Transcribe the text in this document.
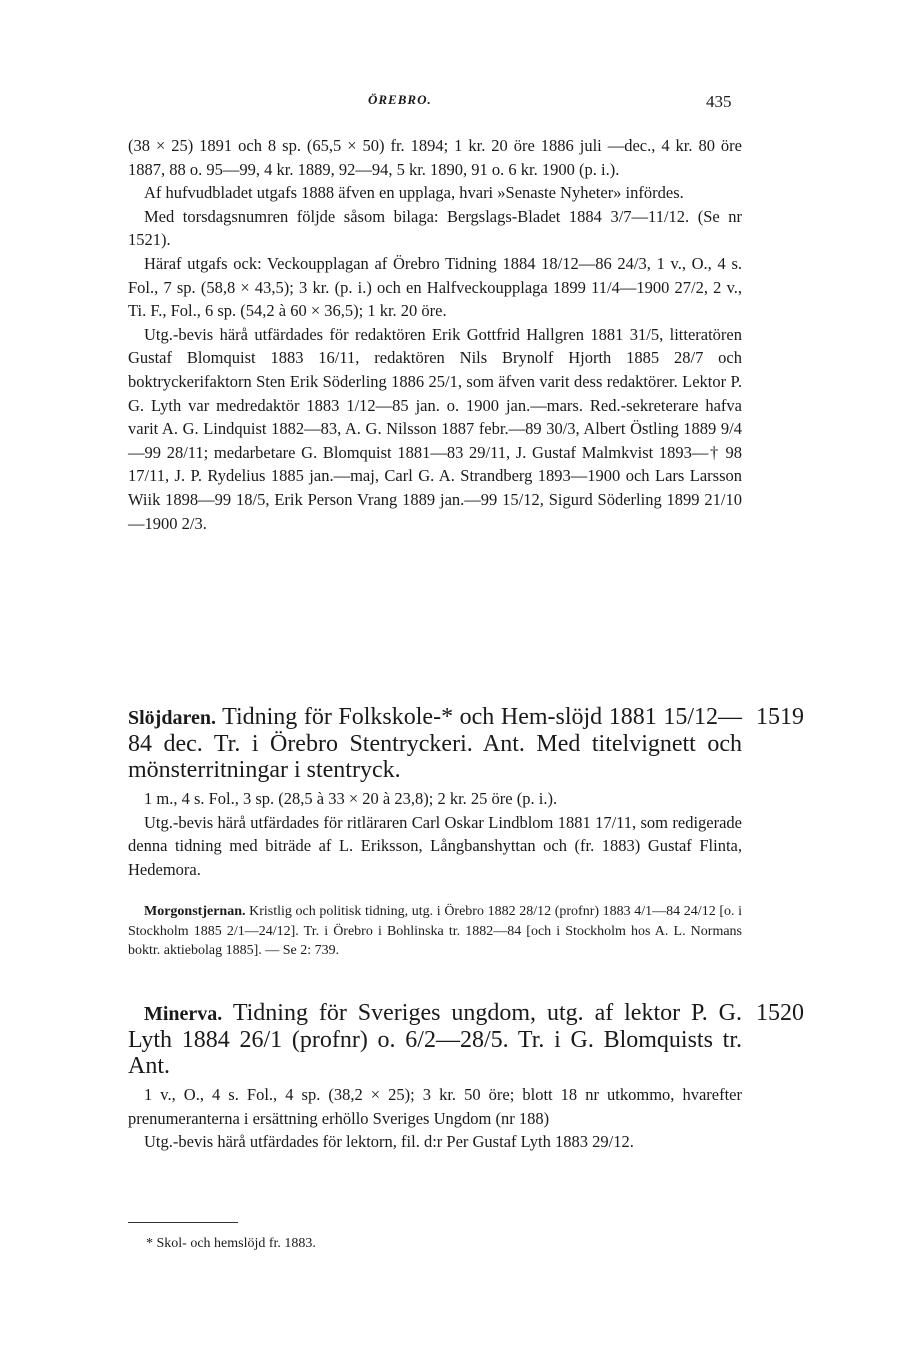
ÖREBRO.	435

(38 × 25) 1891 och 8 sp. (65,5 × 50) fr. 1894; 1 kr. 20 öre 1886 juli —dec., 4 kr. 80 öre 1887, 88 o. 95—99, 4 kr. 1889, 92—94, 5 kr. 1890, 91 o. 6 kr. 1900 (p. i.).

Af hufvudbladet utgafs 1888 äfven en upplaga, hvari »Senaste Nyheter» infördes.

Med torsdagsnumren följde såsom bilaga: Bergslags-Bladet 1884 3/7—11/12. (Se nr 1521).

Häraf utgafs ock: Veckoupplagan af Örebro Tidning 1884 18/12—86 24/3, 1 v., O., 4 s. Fol., 7 sp. (58,8 × 43,5); 3 kr. (p. i.) och en Halfveckoupplaga 1899 11/4—1900 27/2, 2 v., Ti. F., Fol., 6 sp. (54,2 à 60 × 36,5); 1 kr. 20 öre.

Utg.-bevis härå utfärdades för redaktören Erik Gottfrid Hallgren 1881 31/5, litteratören Gustaf Blomquist 1883 16/11, redaktören Nils Brynolf Hjorth 1885 28/7 och boktryckerifaktorn Sten Erik Söderling 1886 25/1, som äfven varit dess redaktörer. Lektor P. G. Lyth var medredaktör 1883 1/12—85 jan. o. 1900 jan.—mars. Red.-sekreterare hafva varit A. G. Lindquist 1882—83, A. G. Nilsson 1887 febr.—89 30/3, Albert Östling 1889 9/4—99 28/11; medarbetare G. Blomquist 1881—83 29/11, J. Gustaf Malmkvist 1893—† 98 17/11, J. P. Rydelius 1885 jan.—maj, Carl G. A. Strandberg 1893—1900 och Lars Larsson Wiik 1898—99 18/5, Erik Person Vrang 1889 jan.—99 15/12, Sigurd Söderling 1899 21/10—1900 2/3.

Slöjdaren. Tidning för Folkskole-* och Hem-slöjd 1881 15/12—84 dec. Tr. i Örebro Stentryckeri. Ant. Med titelvignett och mönsterritningar i stentryck.

1 m., 4 s. Fol., 3 sp. (28,5 à 33 × 20 à 23,8); 2 kr. 25 öre (p. i.).

Utg.-bevis härå utfärdades för ritläraren Carl Oskar Lindblom 1881 17/11, som redigerade denna tidning med biträde af L. Eriksson, Långbanshyttan och (fr. 1883) Gustaf Flinta, Hedemora.

1519

Morgonstjernan. Kristlig och politisk tidning, utg. i Örebro 1882 28/12 (profnr) 1883 4/1—84 24/12 [o. i Stockholm 1885 2/1—24/12]. Tr. i Örebro i Bohlinska tr. 1882—84 [och i Stockholm hos A. L. Normans boktr. aktiebolag 1885]. — Se 2: 739.

Minerva. Tidning för Sveriges ungdom, utg. af lektor P. G. Lyth 1884 26/1 (profnr) o. 6/2—28/5. Tr. i G. Blomquists tr. Ant.

1 v., O., 4 s. Fol., 4 sp. (38,2 × 25); 3 kr. 50 öre; blott 18 nr utkommo, hvarefter prenumeranterna i ersättning erhöllo Sveriges Ungdom (nr 188)

Utg.-bevis härå utfärdades för lektorn, fil. d:r Per Gustaf Lyth 1883 29/12.

1520
* Skol- och hemslöjd fr. 1883.
